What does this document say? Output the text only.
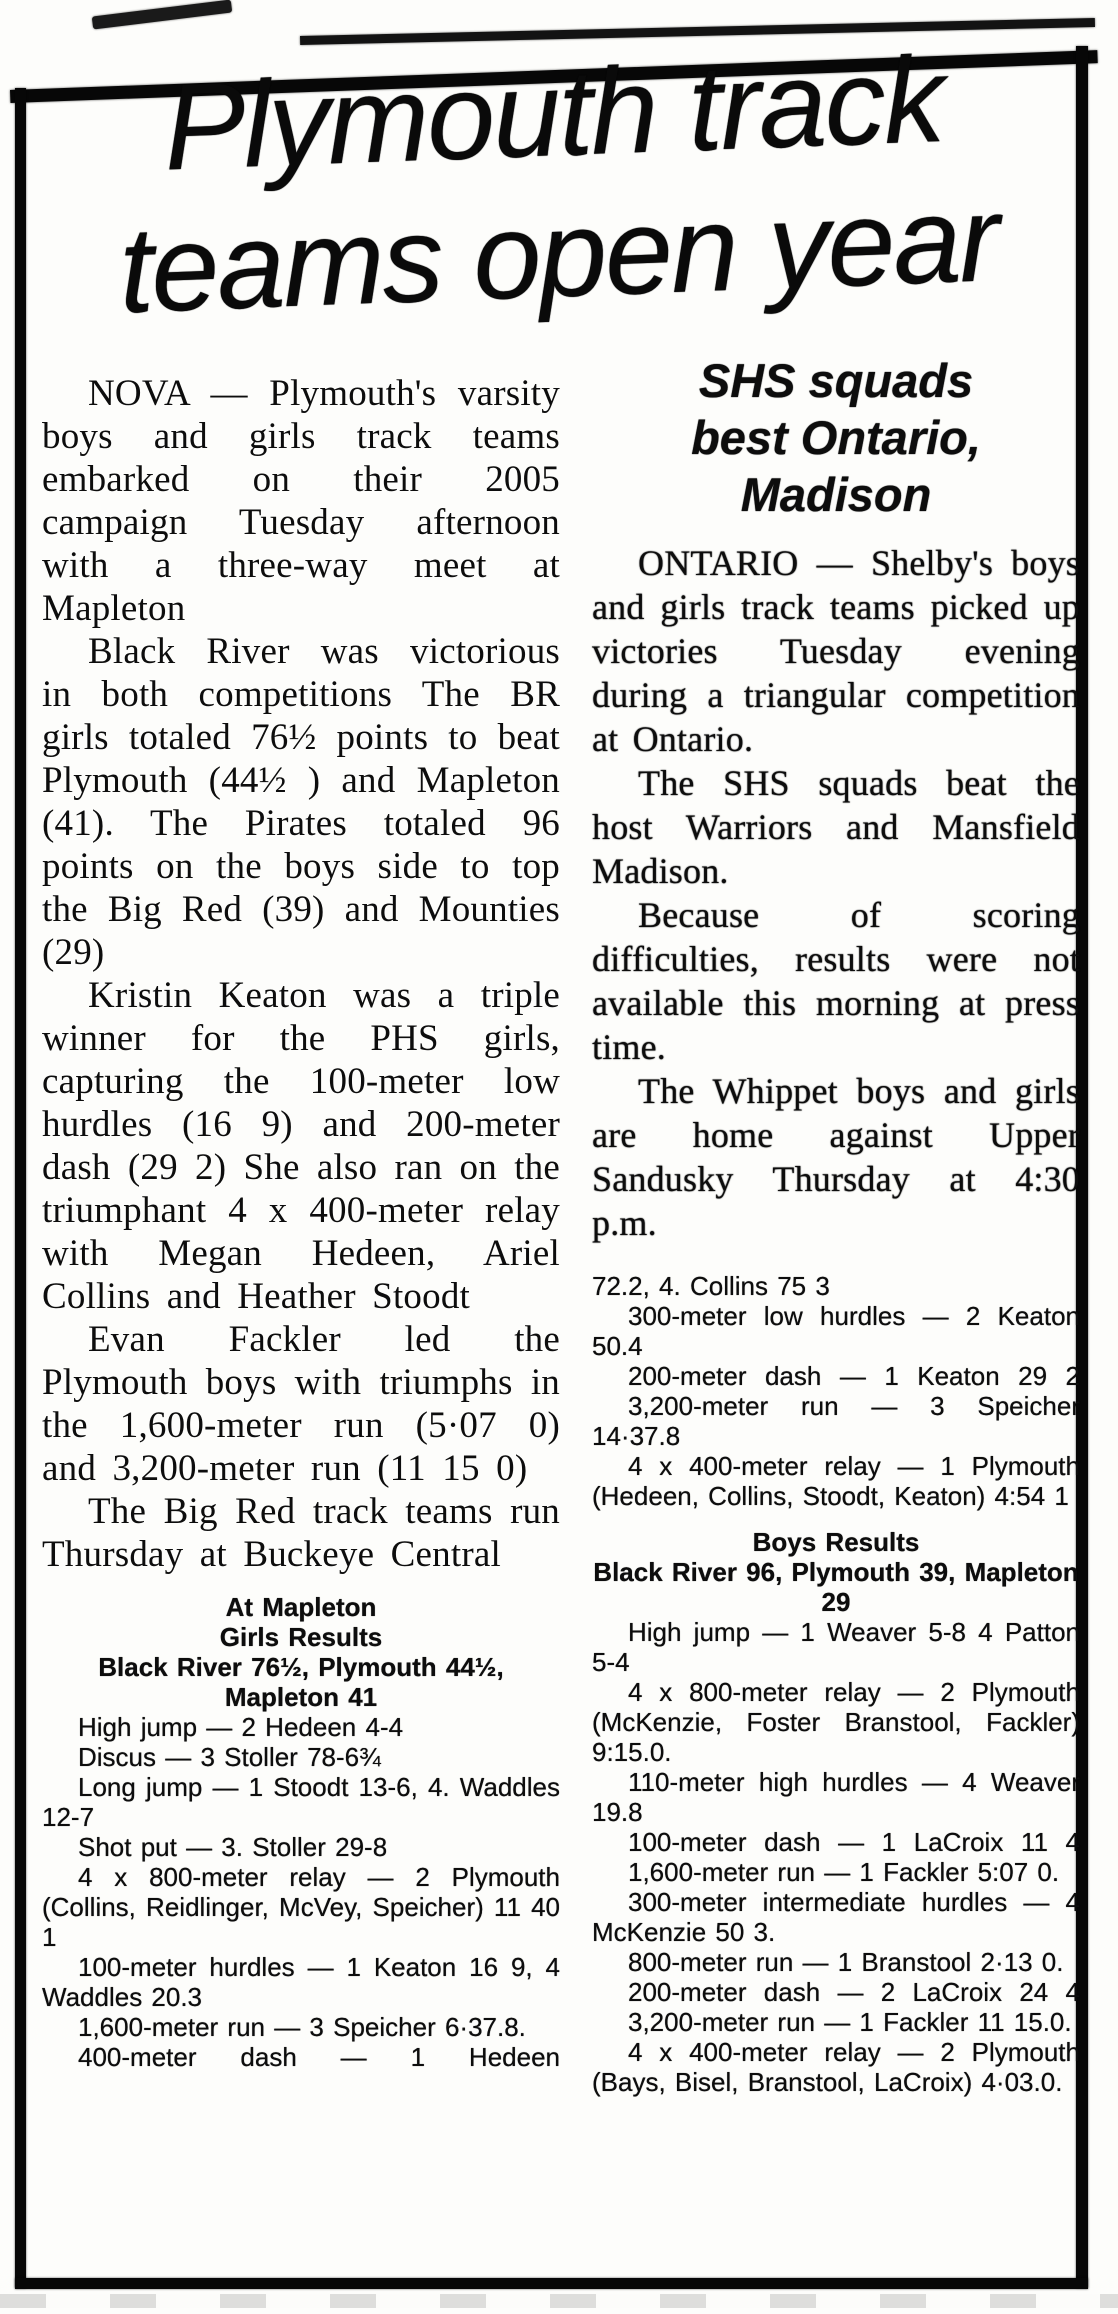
Plymouth track
teams open year

NOVA — Plymouth's varsity boys and girls track teams embarked on their 2005 campaign Tuesday afternoon with a three-way meet at Mapleton

Black River was victorious in both competitions The BR girls totaled 76½ points to beat Plymouth (44½ ) and Mapleton (41). The Pirates totaled 96 points on the boys side to top the Big Red (39) and Mounties (29)

Kristin Keaton was a triple winner for the PHS girls, capturing the 100-meter low hurdles (16 9) and 200-meter dash (29 2) She also ran on the triumphant 4 x 400-meter relay with Megan Hedeen, Ariel Collins and Heather Stoodt

Evan Fackler led the Plymouth boys with triumphs in the 1,600-meter run (5·07 0) and 3,200-meter run (11 15 0)

The Big Red track teams run Thursday at Buckeye Central

At Mapleton

Girls Results

Black River 76½, Plymouth 44½, Mapleton 41

High jump — 2 Hedeen 4-4

Discus — 3 Stoller 78-6¾

Long jump — 1 Stoodt 13-6, 4. Waddles 12-7

Shot put — 3. Stoller 29-8

4 x 800-meter relay — 2 Plymouth (Collins, Reidlinger, McVey, Speicher) 11 40 1

100-meter hurdles — 1 Keaton 16 9, 4 Waddles 20.3

1,600-meter run — 3 Speicher 6·37.8.

400-meter dash — 1 Hedeen

SHS squads
best Ontario,
Madison

ONTARIO — Shelby's boys and girls track teams picked up victories Tuesday evening during a triangular competition at Ontario.

The SHS squads beat the host Warriors and Mansfield Madison.

Because of scoring difficulties, results were not available this morning at press time.

The Whippet boys and girls are home against Upper Sandusky Thursday at 4:30 p.m.

72.2, 4. Collins 75 3

300-meter low hurdles — 2 Keaton 50.4

200-meter dash — 1 Keaton 29 2

3,200-meter run — 3 Speicher 14·37.8

4 x 400-meter relay — 1 Plymouth (Hedeen, Collins, Stoodt, Keaton) 4:54 1

Boys Results

Black River 96, Plymouth 39, Mapleton 29

High jump — 1 Weaver 5-8 4 Patton 5-4

4 x 800-meter relay — 2 Plymouth (McKenzie, Foster Branstool, Fackler) 9:15.0.

110-meter high hurdles — 4 Weaver 19.8

100-meter dash — 1 LaCroix 11 4

1,600-meter run — 1 Fackler 5:07 0.

300-meter intermediate hurdles — 4 McKenzie 50 3.

800-meter run — 1 Branstool 2·13 0.

200-meter dash — 2 LaCroix 24 4

3,200-meter run — 1 Fackler 11 15.0.

4 x 400-meter relay — 2 Plymouth (Bays, Bisel, Branstool, LaCroix) 4·03.0.
